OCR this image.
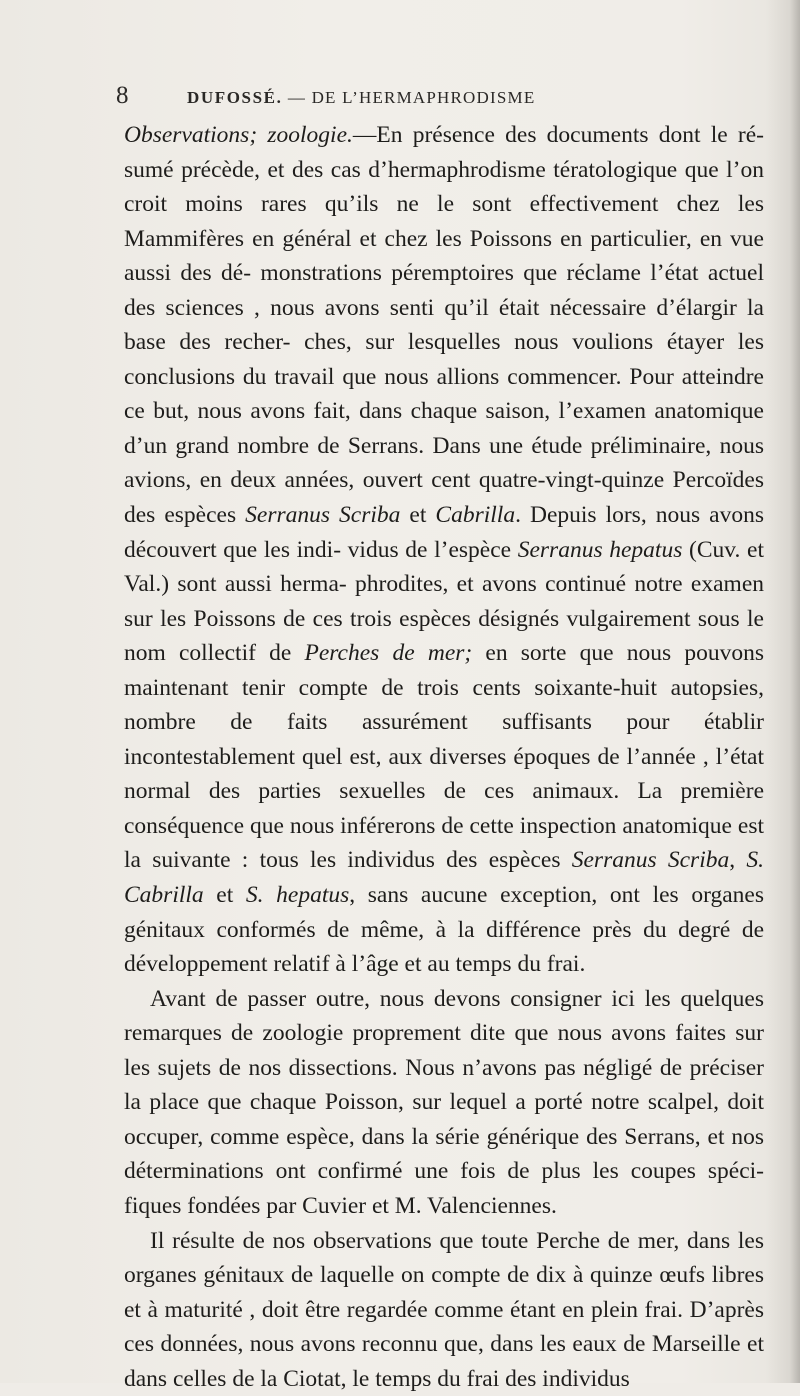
8	DUFOSSÉ. — DE L’HERMAPHRODISME

Observations; zoologie.—En présence des documents dont le ré- sumé précède, et des cas d’hermaphrodisme tératologique que l’on croit moins rares qu’ils ne le sont effectivement chez les Mammifères en général et chez les Poissons en particulier, en vue aussi des dé- monstrations péremptoires que réclame l’état actuel des sciences , nous avons senti qu’il était nécessaire d’élargir la base des recher- ches, sur lesquelles nous voulions étayer les conclusions du travail que nous allions commencer. Pour atteindre ce but, nous avons fait, dans chaque saison, l’examen anatomique d’un grand nombre de Serrans. Dans une étude préliminaire, nous avions, en deux années, ouvert cent quatre-vingt-quinze Percoïdes des espèces Serranus Scriba et Cabrilla. Depuis lors, nous avons découvert que les indi- vidus de l’espèce Serranus hepatus (Cuv. et Val.) sont aussi herma- phrodites, et avons continué notre examen sur les Poissons de ces trois espèces désignés vulgairement sous le nom collectif de Perches de mer; en sorte que nous pouvons maintenant tenir compte de trois cents soixante-huit autopsies, nombre de faits assurément suffisants pour établir incontestablement quel est, aux diverses époques de l’année , l’état normal des parties sexuelles de ces animaux. La première conséquence que nous inférerons de cette inspection anatomique est la suivante : tous les individus des espèces Serranus Scriba, S. Cabrilla et S. hepatus, sans aucune exception, ont les organes génitaux conformés de même, à la différence près du degré de développement relatif à l’âge et au temps du frai.

Avant de passer outre, nous devons consigner ici les quelques remarques de zoologie proprement dite que nous avons faites sur les sujets de nos dissections. Nous n’avons pas négligé de préciser la place que chaque Poisson, sur lequel a porté notre scalpel, doit occuper, comme espèce, dans la série générique des Serrans, et nos déterminations ont confirmé une fois de plus les coupes spéci- fiques fondées par Cuvier et M. Valenciennes.

Il résulte de nos observations que toute Perche de mer, dans les organes génitaux de laquelle on compte de dix à quinze œufs libres et à maturité , doit être regardée comme étant en plein frai. D’après ces données, nous avons reconnu que, dans les eaux de Marseille et dans celles de la Ciotat, le temps du frai des individus
